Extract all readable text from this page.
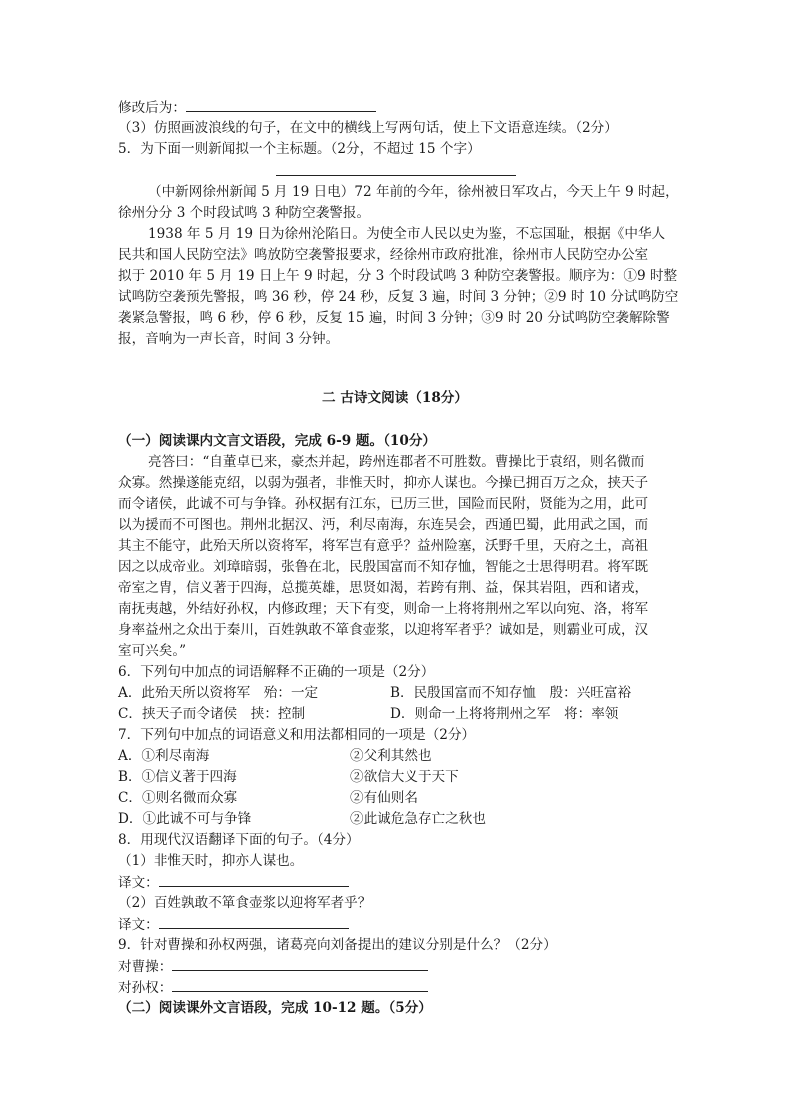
修改后为：
（3）仿照画波浪线的句子，在文中的横线上写两句话，使上下文语意连续。（2分）
5．为下面一则新闻拟一个主标题。（2分，不超过 15 个字）
（中新网徐州新闻 5 月 19 日电）72 年前的今年，徐州被日军攻占，今天上午 9 时起，
徐州分分 3 个时段试鸣 3 种防空袭警报。
1938 年 5 月 19 日为徐州沦陷日。为使全市人民以史为鉴，不忘国耻，根据《中华人
民共和国人民防空法》鸣放防空袭警报要求，经徐州市政府批准，徐州市人民防空办公室
拟于 2010 年 5 月 19 日上午 9 时起，分 3 个时段试鸣 3 种防空袭警报。顺序为：①9 时整
试鸣防空袭预先警报，鸣 36 秒，停 24 秒，反复 3 遍，时间 3 分钟；②9 时 10 分试鸣防空
袭紧急警报，鸣 6 秒，停 6 秒，反复 15 遍，时间 3 分钟；③9 时 20 分试鸣防空袭解除警
报，音响为一声长音，时间 3 分钟。
二 古诗文阅读（18分）
（一）阅读课内文言文语段，完成 6-9 题。（10分）
亮答曰：“自董卓已来，豪杰并起，跨州连郡者不可胜数。曹操比于袁绍，则名微而
众寡。然操遂能克绍，以弱为强者，非惟天时，抑亦人谋也。今操已拥百万之众，挟天子
而令诸侯，此诚不可与争锋。孙权据有江东，已历三世，国险而民附，贤能为之用，此可
以为援而不可图也。荆州北据汉、沔，利尽南海，东连吴会，西通巴蜀，此用武之国，而
其主不能守，此殆天所以资将军，将军岂有意乎？益州险塞，沃野千里，天府之土，高祖
因之以成帝业。刘璋暗弱，张鲁在北，民殷国富而不知存恤，智能之士思得明君。将军既
帝室之胄，信义著于四海，总揽英雄，思贤如渴，若跨有荆、益，保其岩阻，西和诸戎，
南抚夷越，外结好孙权，内修政理；天下有变，则命一上将将荆州之军以向宛、洛，将军
身率益州之众出于秦川，百姓孰敢不箪食壶浆，以迎将军者乎？诚如是，则霸业可成，汉
室可兴矣。”
6．下列句中加点的词语解释不正确的一项是（2分）
A．此殆天所以资将军　殆：一定	B．民殷国富而不知存恤　殷：兴旺富裕
C．挟天子而令诸侯　挟：控制	D．则命一上将将荆州之军　将：率领
7．下列句中加点的词语意义和用法都相同的一项是（2分）
A．①利尽南海	②父利其然也
B．①信义著于四海	②欲信大义于天下
C．①则名微而众寡	②有仙则名
D．①此诚不可与争锋	②此诚危急存亡之秋也
8．用现代汉语翻译下面的句子。（4分）
（1）非惟天时，抑亦人谋也。
译文：
（2）百姓孰敢不箪食壶浆以迎将军者乎？
译文：
9．针对曹操和孙权两强，诸葛亮向刘备提出的建议分别是什么？（2分）
对曹操：
对孙权：
（二）阅读课外文言语段，完成 10-12 题。（5分）
